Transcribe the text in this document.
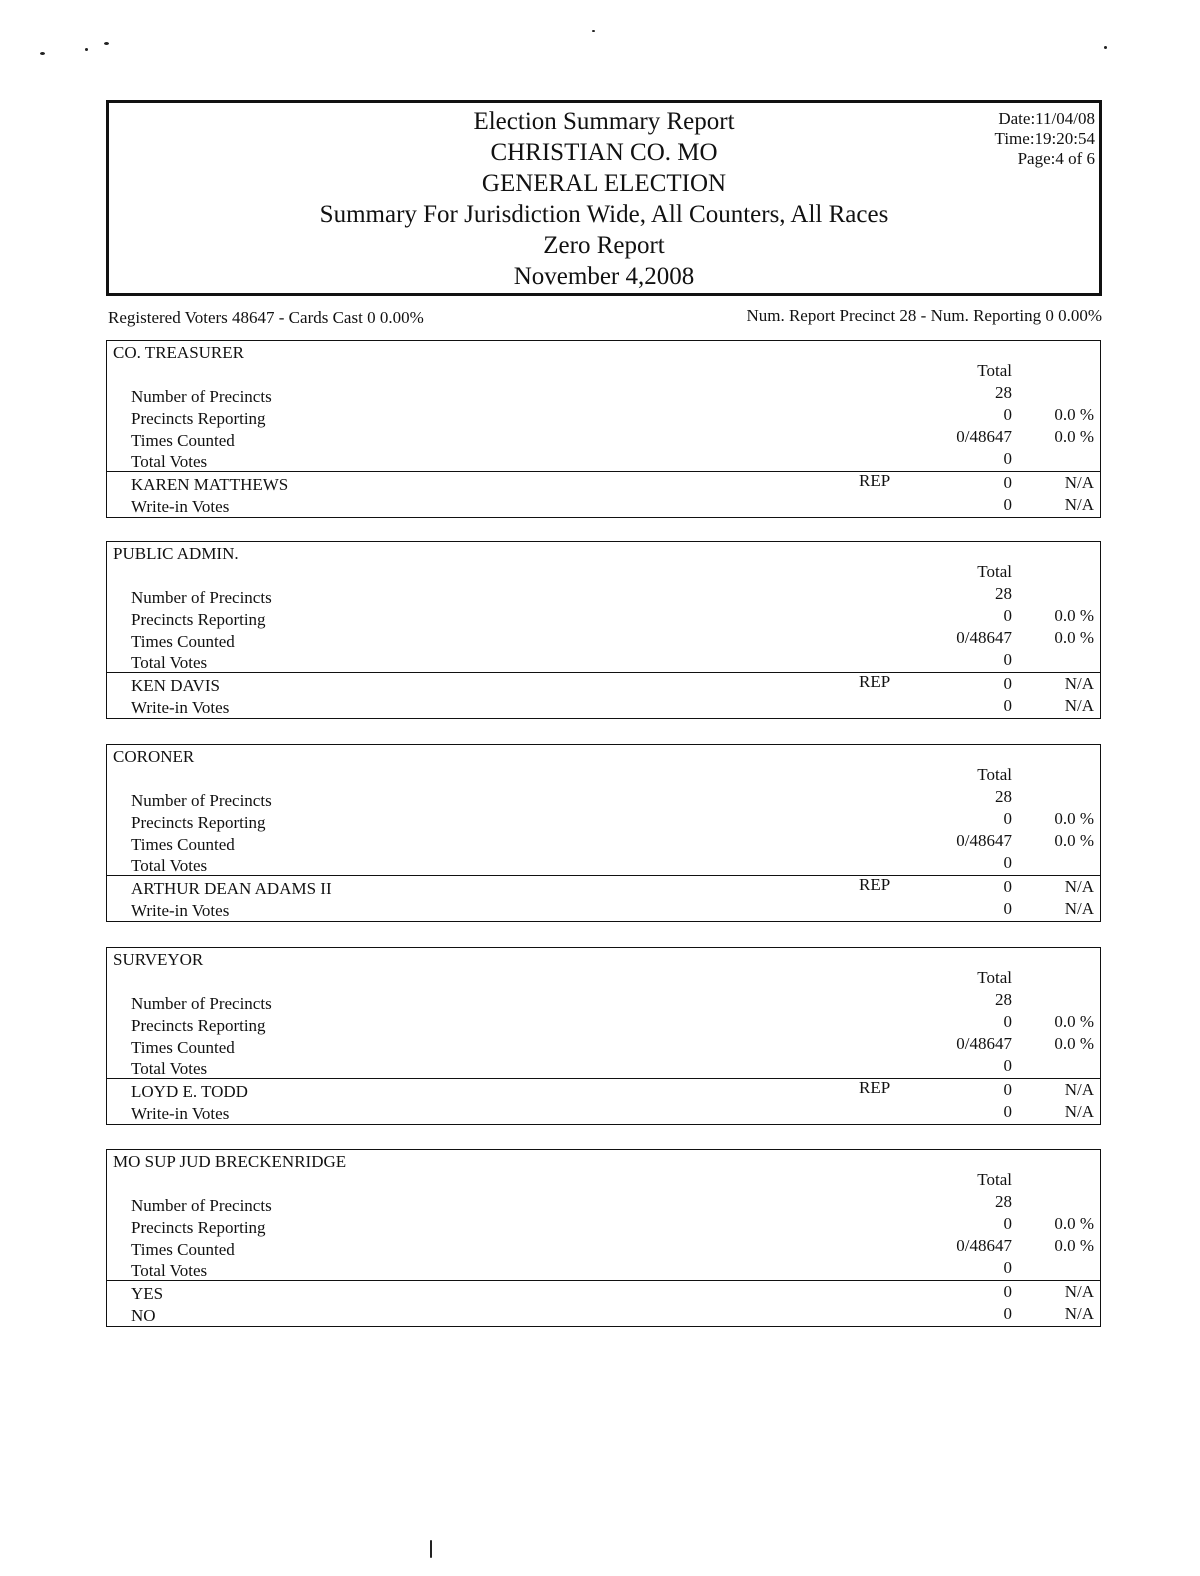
Election Summary Report
CHRISTIAN CO. MO
GENERAL ELECTION
Summary For Jurisdiction Wide, All Counters, All Races
Zero Report
November 4,2008
Date:11/04/08
Time:19:20:54
Page:4 of 6
Registered Voters 48647 - Cards Cast 0 0.00%	Num. Report Precinct 28 - Num. Reporting 0 0.00%
CO. TREASURER
Total
Number of Precincts	28
Precincts Reporting	0 0.0 %
Times Counted	0/48647 0.0 %
Total Votes	0
KAREN MATTHEWS	REP	0	N/A
Write-in Votes	0	N/A
PUBLIC ADMIN.
Total
Number of Precincts	28
Precincts Reporting	0 0.0 %
Times Counted	0/48647 0.0 %
Total Votes	0
KEN DAVIS	REP	0	N/A
Write-in Votes	0	N/A
CORONER
Total
Number of Precincts	28
Precincts Reporting	0 0.0 %
Times Counted	0/48647 0.0 %
Total Votes	0
ARTHUR DEAN ADAMS II	REP	0	N/A
Write-in Votes	0	N/A
SURVEYOR
Total
Number of Precincts	28
Precincts Reporting	0 0.0 %
Times Counted	0/48647 0.0 %
Total Votes	0
LOYD E. TODD	REP	0	N/A
Write-in Votes	0	N/A
MO SUP JUD BRECKENRIDGE
Total
Number of Precincts	28
Precincts Reporting	0 0.0 %
Times Counted	0/48647 0.0 %
Total Votes	0
YES	0	N/A
NO	0	N/A
